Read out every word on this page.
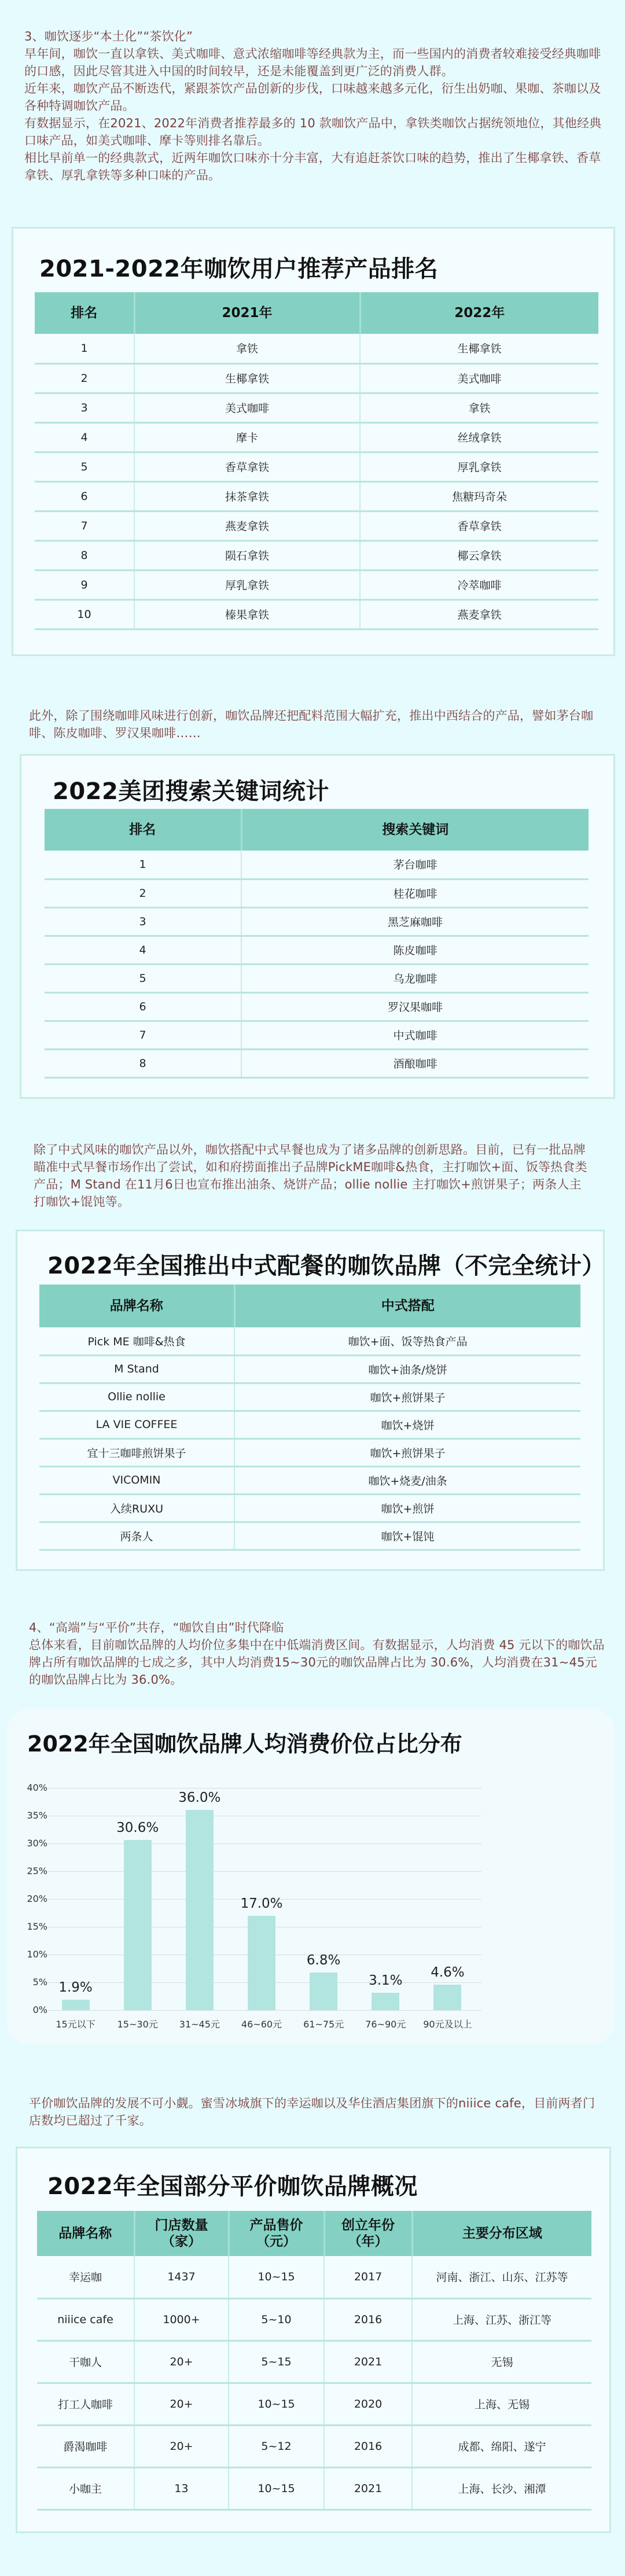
3、咖饮逐步“本土化”“茶饮化”

早年间，咖饮一直以拿铁、美式咖啡、意式浓缩咖啡等经典款为主，而一些国内的消费者较难接受经典咖啡的口感，因此尽管其进入中国的时间较早，还是未能覆盖到更广泛的消费人群。

近年来，咖饮产品不断迭代，紧跟茶饮产品创新的步伐，口味越来越多元化，衍生出奶咖、果咖、茶咖以及各种特调咖饮产品。

有数据显示，在2021、2022年消费者推荐最多的 10 款咖饮产品中，拿铁类咖饮占据统领地位，其他经典口味产品，如美式咖啡、摩卡等则排名靠后。

相比早前单一的经典款式，近两年咖饮口味亦十分丰富，大有追赶茶饮口味的趋势，推出了生椰拿铁、香草拿铁、厚乳拿铁等多种口味的产品。

2021-2022年咖饮用户推荐产品排名
排名	2021年	2022年
1	拿铁	生椰拿铁
2	生椰拿铁	美式咖啡
3	美式咖啡	拿铁
4	摩卡	丝绒拿铁
5	香草拿铁	厚乳拿铁
6	抹茶拿铁	焦糖玛奇朵
7	燕麦拿铁	香草拿铁
8	陨石拿铁	椰云拿铁
9	厚乳拿铁	冷萃咖啡
10	榛果拿铁	燕麦拿铁
此外，除了围绕咖啡风味进行创新，咖饮品牌还把配料范围大幅扩充，推出中西结合的产品，譬如茅台咖啡、陈皮咖啡、罗汉果咖啡……
2022美团搜索关键词统计
排名	搜索关键词
1	茅台咖啡
2	桂花咖啡
3	黑芝麻咖啡
4	陈皮咖啡
5	乌龙咖啡
6	罗汉果咖啡
7	中式咖啡
8	酒酿咖啡
除了中式风味的咖饮产品以外，咖饮搭配中式早餐也成为了诸多品牌的创新思路。目前，已有一批品牌瞄准中式早餐市场作出了尝试，如和府捞面推出子品牌PickME咖啡&热食，主打咖饮+面、饭等热食类产品；M Stand 在11月6日也宣布推出油条、烧饼产品；ollie nollie 主打咖饮+煎饼果子；两条人主打咖饮+馄饨等。
2022年全国推出中式配餐的咖饮品牌（不完全统计）
品牌名称	中式搭配
Pick ME 咖啡&热食	咖饮+面、饭等热食产品
M Stand	咖饮+油条/烧饼
Ollie nollie	咖饮+煎饼果子
LA VIE COFFEE	咖饮+烧饼
宜十三咖啡煎饼果子	咖饮+煎饼果子
VICOMIN	咖饮+烧麦/油条
入续RUXU	咖饮+煎饼
两条人	咖饮+馄饨

4、“高端”与“平价”共存，“咖饮自由”时代降临

总体来看，目前咖饮品牌的人均价位多集中在中低端消费区间。有数据显示，人均消费 45 元以下的咖饮品牌占所有咖饮品牌的七成之多，其中人均消费15~30元的咖饮品牌占比为 30.6%，人均消费在31~45元的咖饮品牌占比为 36.0%。

2022年全国咖饮品牌人均消费价位占比分布
40%
35%
30%
25%
20%
15%
10%
5%
0%
1.9%
15元以下
30.6%
15~30元
36.0%
31~45元
17.0%
46~60元
6.8%
61~75元
3.1%
76~90元
4.6%
90元及以上
平价咖饮品牌的发展不可小觑。蜜雪冰城旗下的幸运咖以及华住酒店集团旗下的niiice cafe，目前两者门店数均已超过了千家。
2022年全国部分平价咖饮品牌概况
品牌名称	门店数量（家）	产品售价（元）	创立年份（年）	主要分布区域
幸运咖	1437	10~15	2017	河南、浙江、山东、江苏等
niiice cafe	1000+	5~10	2016	上海、江苏、浙江等
干咖人	20+	5~15	2021	无锡
打工人咖啡	20+	10~15	2020	上海、无锡
爵渴咖啡	20+	5~12	2016	成都、绵阳、遂宁
小咖主	13	10~15	2021	上海、长沙、湘潭
